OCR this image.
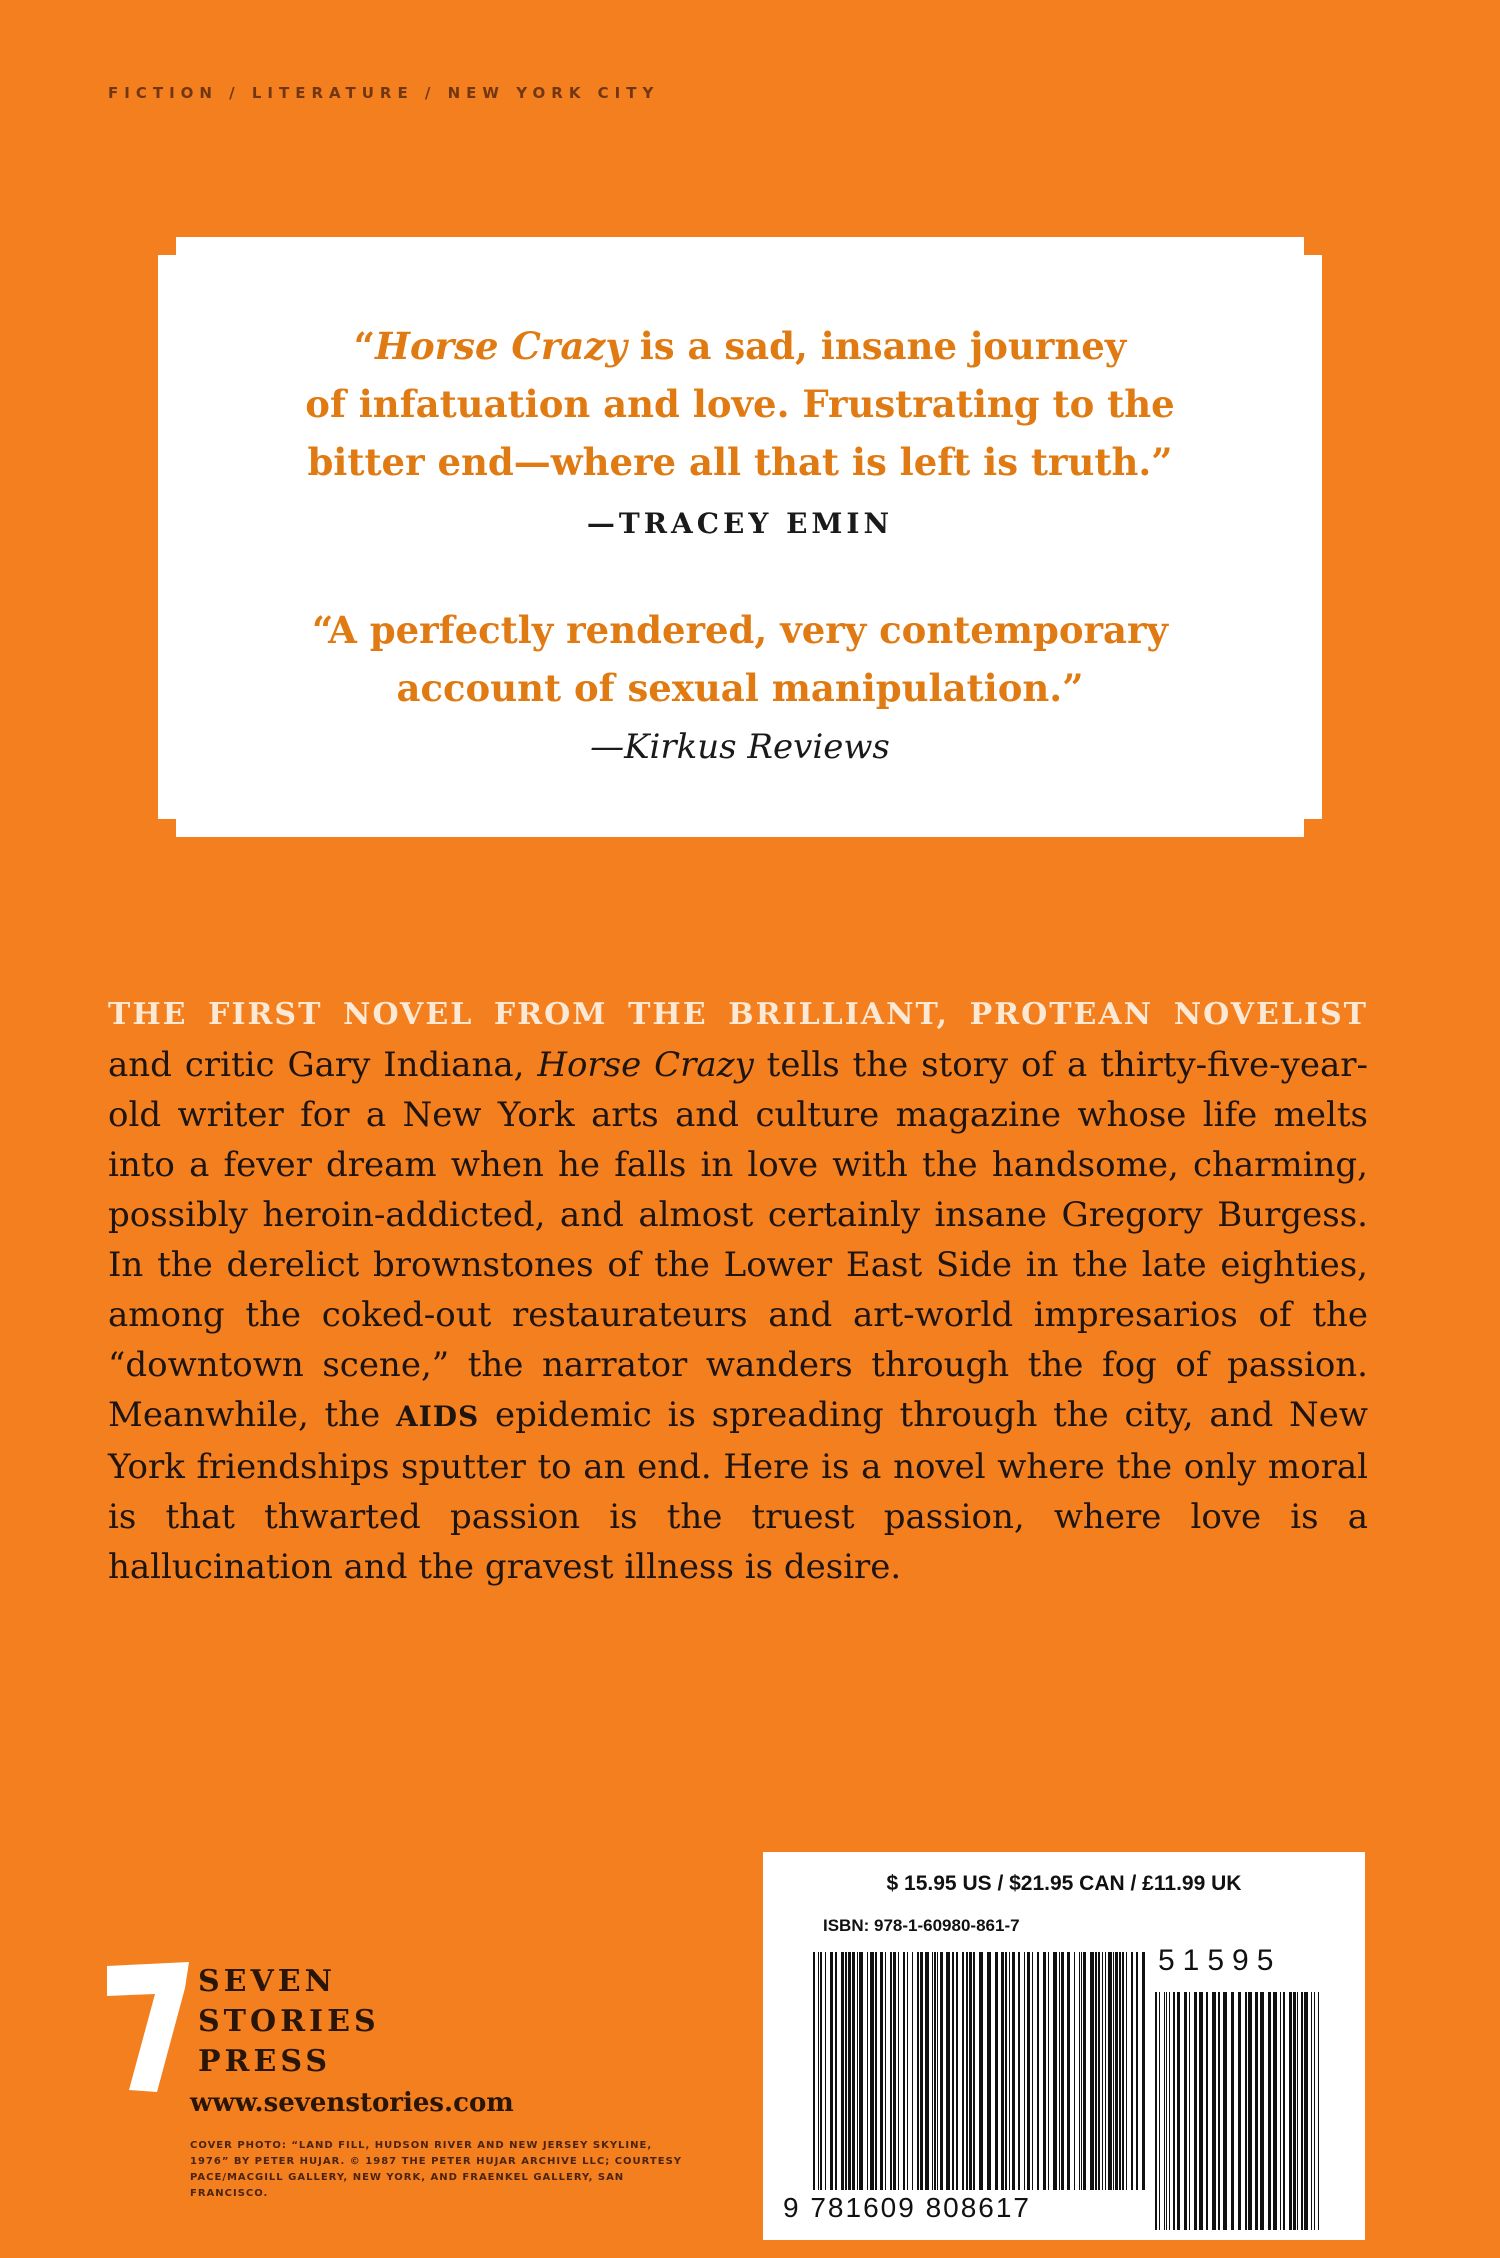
FICTION / LITERATURE / NEW YORK CITY

“Horse Crazy is a sad, insane journey
of infatuation and love. Frustrating to the
bitter end—where all that is left is truth.”

—TRACEY EMIN

“A perfectly rendered, very contemporary
account of sexual manipulation.”

—Kirkus Reviews

THE FIRST NOVEL FROM THE BRILLIANT, PROTEAN NOVELIST and critic Gary Indiana, Horse Crazy tells the story of a thirty-five-year-old writer for a New York arts and culture magazine whose life melts into a fever dream when he falls in love with the handsome, charming, possibly heroin-addicted, and almost certainly insane Gregory Burgess. In the derelict brownstones of the Lower East Side in the late eighties, among the coked-out restaurateurs and art-world impresarios of the “downtown scene,” the narrator wanders through the fog of passion. Meanwhile, the AIDS epidemic is spreading through the city, and New York friendships sputter to an end. Here is a novel where the only moral is that thwarted passion is the truest passion, where love is a hallucination and the gravest illness is desire.

SEVEN
STORIES
PRESS
www.sevenstories.com
COVER PHOTO: “LAND FILL, HUDSON RIVER AND NEW JERSEY SKYLINE, 1976” BY PETER HUJAR. © 1987 THE PETER HUJAR ARCHIVE LLC; COURTESY PACE/MACGILL GALLERY, NEW YORK, AND FRAENKEL GALLERY, SAN FRANCISCO.
$ 15.95 US / $21.95 CAN / £11.99 UK
ISBN: 978-1-60980-861-7
51595
9 781609 808617
